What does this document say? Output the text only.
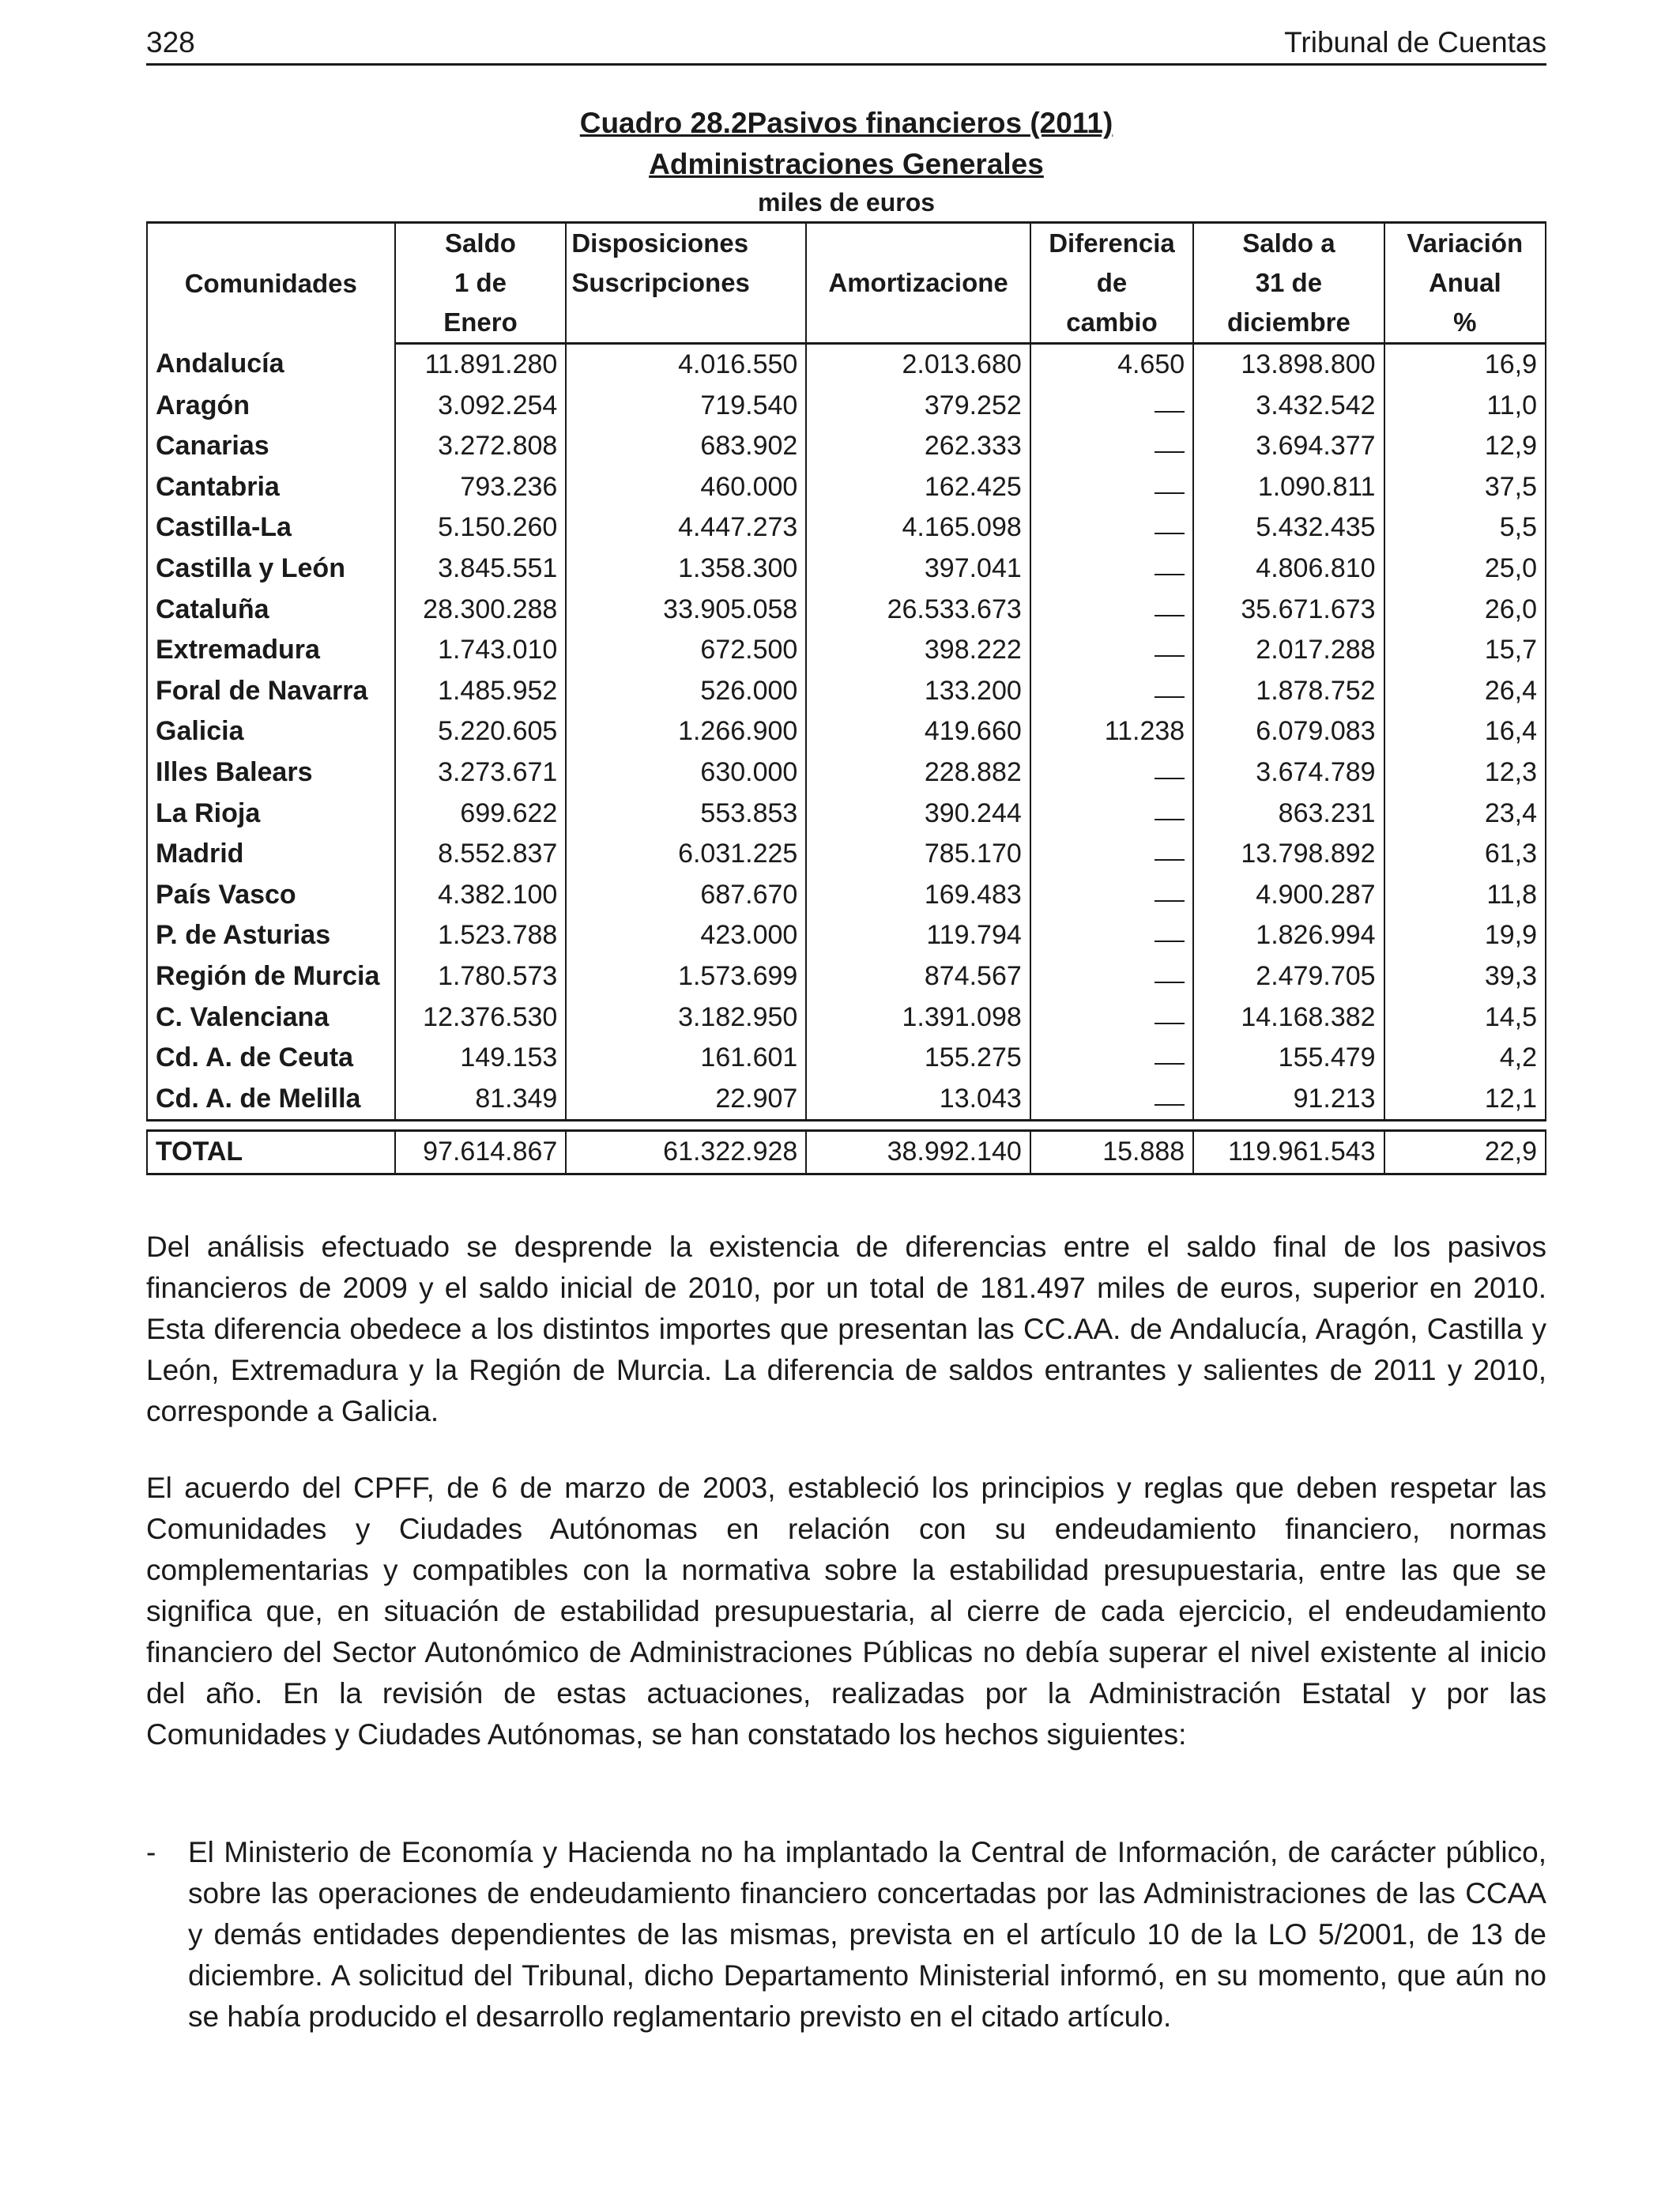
328	Tribunal de Cuentas
Cuadro 28.2Pasivos financieros (2011)
Administraciones Generales
miles de euros
Comunidades	Saldo	Disposiciones		Diferencia	Saldo a	Variación
	1 de	Suscripciones	Amortizacione	de	31 de	Anual
	Enero			cambio	diciembre	%
Andalucía	11.891.280	4.016.550	2.013.680	4.650	13.898.800	16,9
Aragón	3.092.254	719.540	379.252		3.432.542	11,0
Canarias	3.272.808	683.902	262.333		3.694.377	12,9
Cantabria	793.236	460.000	162.425		1.090.811	37,5
Castilla-La	5.150.260	4.447.273	4.165.098		5.432.435	5,5
Castilla y León	3.845.551	1.358.300	397.041		4.806.810	25,0
Cataluña	28.300.288	33.905.058	26.533.673		35.671.673	26,0
Extremadura	1.743.010	672.500	398.222		2.017.288	15,7
Foral de Navarra	1.485.952	526.000	133.200		1.878.752	26,4
Galicia	5.220.605	1.266.900	419.660	11.238	6.079.083	16,4
Illes Balears	3.273.671	630.000	228.882		3.674.789	12,3
La Rioja	699.622	553.853	390.244		863.231	23,4
Madrid	8.552.837	6.031.225	785.170		13.798.892	61,3
País Vasco	4.382.100	687.670	169.483		4.900.287	11,8
P. de Asturias	1.523.788	423.000	119.794		1.826.994	19,9
Región de Murcia	1.780.573	1.573.699	874.567		2.479.705	39,3
C. Valenciana	12.376.530	3.182.950	1.391.098		14.168.382	14,5
Cd. A. de Ceuta	149.153	161.601	155.275		155.479	4,2
Cd. A. de Melilla	81.349	22.907	13.043		91.213	12,1

TOTAL	97.614.867	61.322.928	38.992.140	15.888	119.961.543	22,9

Del análisis efectuado se desprende la existencia de diferencias entre el saldo final de los pasivos financieros de 2009 y el saldo inicial de 2010, por un total de 181.497 miles de euros, superior en 2010. Esta diferencia obedece a los distintos importes que presentan las CC.AA. de Andalucía, Aragón, Castilla y León, Extremadura y la Región de Murcia. La diferencia de saldos entrantes y salientes de 2011 y 2010, corresponde a Galicia.

El acuerdo del CPFF, de 6 de marzo de 2003, estableció los principios y reglas que deben respetar las Comunidades y Ciudades Autónomas en relación con su endeudamiento financiero, normas complementarias y compatibles con la normativa sobre la estabilidad presupuestaria, entre las que se significa que, en situación de estabilidad presupuestaria, al cierre de cada ejercicio, el endeudamiento financiero del Sector Autonómico de Administraciones Públicas no debía superar el nivel existente al inicio del año. En la revisión de estas actuaciones, realizadas por la Administración Estatal y por las Comunidades y Ciudades Autónomas, se han constatado los hechos siguientes:

- El Ministerio de Economía y Hacienda no ha implantado la Central de Información, de carácter público, sobre las operaciones de endeudamiento financiero concertadas por las Administraciones de las CCAA y demás entidades dependientes de las mismas, prevista en el artículo 10 de la LO 5/2001, de 13 de diciembre. A solicitud del Tribunal, dicho Departamento Ministerial informó, en su momento, que aún no se había producido el desarrollo reglamentario previsto en el citado artículo.
